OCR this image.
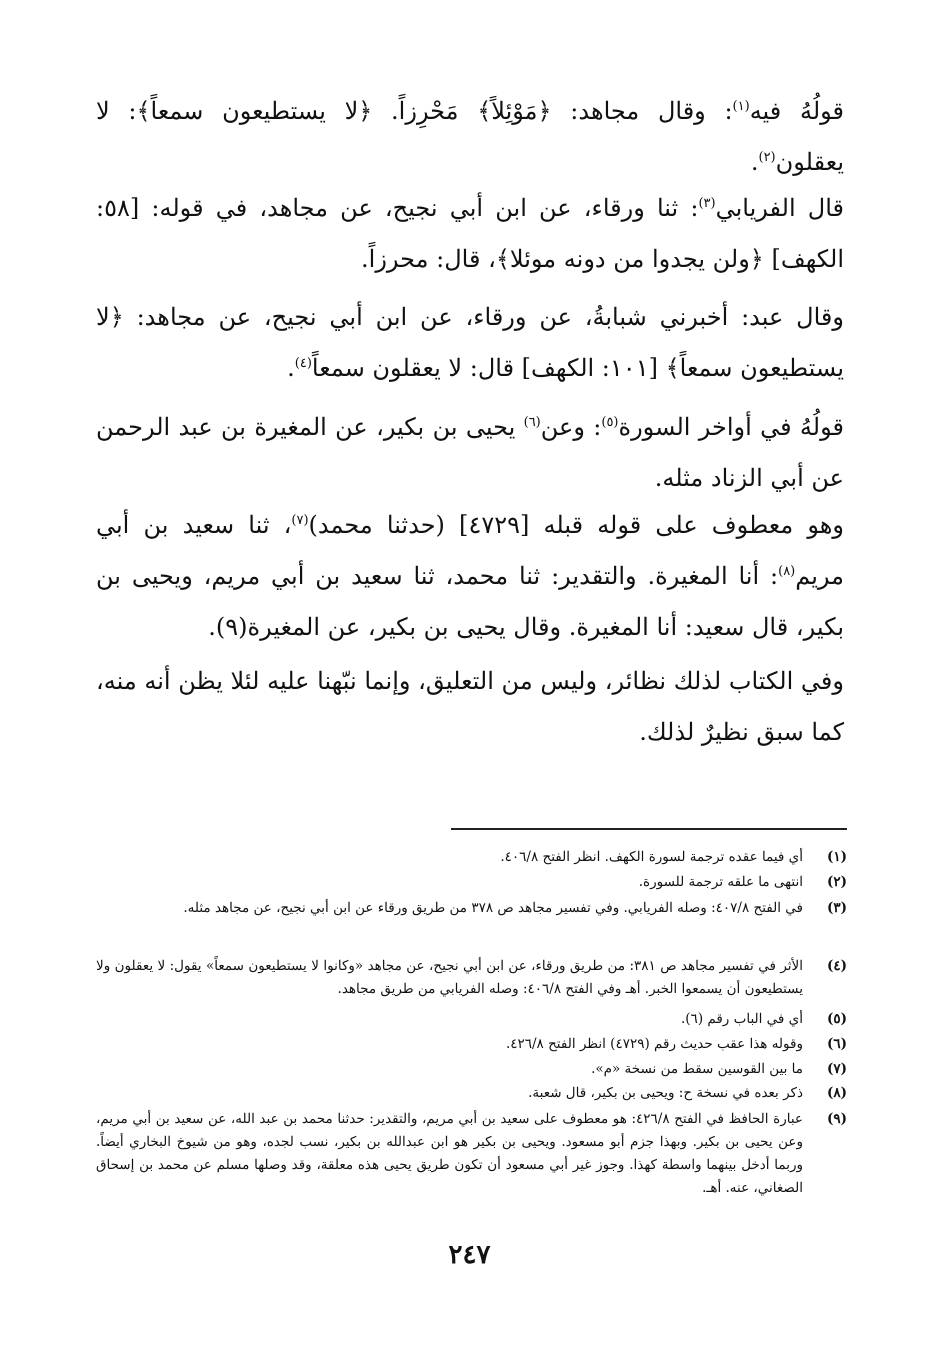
قولُهُ فيه$^{(١)}$: وقال مجاهد: ﴿مَوْئِلاً﴾ مَحْرِزاً. ﴿لا يستطيعون سمعاً﴾: لا يعقلون$^{(٢)}$.
قال الفريابي$^{(٣)}$: ثنا ورقاء، عن ابن أبي نجيح، عن مجاهد، في قوله: [٥٨: الكهف] ﴿ولن يجدوا من دونه موئلا﴾، قال: محرزاً.
وقال عبد: أخبرني شبابةُ، عن ورقاء، عن ابن أبي نجيح، عن مجاهد: ﴿لا يستطيعون سمعاً﴾ [١٠١: الكهف] قال: لا يعقلون سمعاً$^{(٤)}$.
قولُهُ في أواخر السورة$^{(٥)}$: وعن$^{(٦)}$ يحيى بن بكير، عن المغيرة بن عبد الرحمن عن أبي الزناد مثله.
وهو معطوف على قوله قبله [٤٧٢٩] (حدثنا محمد)$^{(٧)}$، ثنا سعيد بن أبي مريم$^{(٨)}$: أنا المغيرة. والتقدير: ثنا محمد، ثنا سعيد بن أبي مريم، ويحيى بن بكير، قال سعيد: أنا المغيرة. وقال يحيى بن بكير، عن المغيرة(٩).
وفي الكتاب لذلك نظائر، وليس من التعليق، وإنما نبّهنا عليه لئلا يظن أنه منه، كما سبق نظيرٌ لذلك.
(١)
أي فيما عقده ترجمة لسورة الكهف. انظر الفتح ٤٠٦/٨.
(٢)
انتهى ما علقه ترجمة للسورة.
(٣)
في الفتح ٤٠٧/٨: وصله الفريابي. وفي تفسير مجاهد ص ٣٧٨ من طريق ورقاء عن ابن أبي نجيح، عن مجاهد مثله.
(٤)
الأثر في تفسير مجاهد ص ٣٨١: من طريق ورقاء، عن ابن أبي نجيح، عن مجاهد «وكانوا لا يستطيعون سمعاً» يقول: لا يعقلون ولا يستطيعون أن يسمعوا الخبر. أهـ وفي الفتح ٤٠٦/٨: وصله الفريابي من طريق مجاهد.
(٥)
أي في الباب رقم (٦).
(٦)
وقوله هذا عقب حديث رقم (٤٧٢٩) انظر الفتح ٤٢٦/٨.
(٧)
ما بين القوسين سقط من نسخة «م».
(٨)
ذكر بعده في نسخة ح: ويحيى بن بكير، قال شعبة.
(٩)
عبارة الحافظ في الفتح ٤٢٦/٨: هو معطوف على سعيد بن أبي مريم، والتقدير: حدثنا محمد بن عبد الله، عن سعيد بن أبي مريم، وعن يحيى بن بكير. وبهذا جزم أبو مسعود. ويحيى بن بكير هو ابن عبدالله بن بكير، نسب لجده، وهو من شيوخ البخاري أيضاً. وربما أدخل بينهما واسطة كهذا. وجوز غير أبي مسعود أن تكون طريق يحيى هذه معلقة، وقد وصلها مسلم عن محمد بن إسحاق الصغاني، عنه. أهـ.
٢٤٧
